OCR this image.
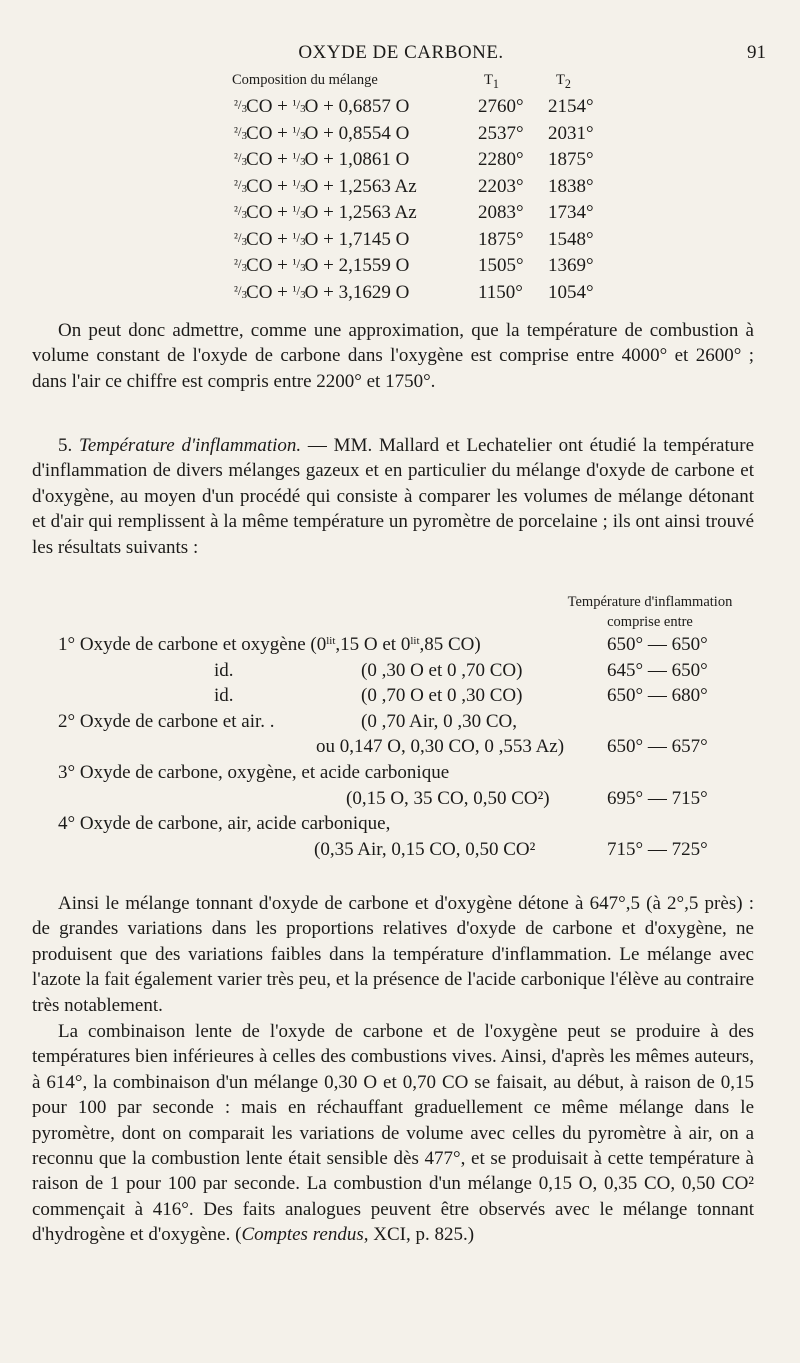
OXYDE DE CARBONE.	91
Composition du mélange	$T_1$	$T_2$
$^2/_3CO + ^1/_3O + 0,6857$ O	2760° 2154°
$^2/_3CO + ^1/_3O + 0,8554$ O	2537° 2031°
$^2/_3CO + ^1/_3O + 1,0861$ O	2280° 1875°
$^2/_3CO + ^1/_3O + 1,2563$ Az	2203° 1838°
$^2/_3CO + ^1/_3O + 1,2563$ Az	2083° 1734°
$^2/_3CO + ^1/_3O + 1,7145$ O	1875° 1548°
$^2/_3CO + ^1/_3O + 2,1559$ O	1505° 1369°
$^2/_3CO + ^1/_3O + 3,1629$ O	1150° 1054°

On peut donc admettre, comme une approximation, que la température de combustion à volume constant de l'oxyde de carbone dans l'oxygène est comprise entre 4000° et 2600° ; dans l'air ce chiffre est compris entre 2200° et 1750°.

5. Température d'inflammation. — MM. Mallard et Lechatelier ont étudié la température d'inflammation de divers mélanges gazeux et en particulier du mélange d'oxyde de carbone et d'oxygène, au moyen d'un procédé qui consiste à comparer les volumes de mélange détonant et d'air qui remplissent à la même température un pyromètre de porcelaine ; ils ont ainsi trouvé les résultats suivants :

Température d'inflammation
comprise entre
1° Oxyde de carbone et oxygène ($0^{lit},15$ O et $0^{lit},85$ CO)	650° — 650°
id.	(0 ,30 O et 0 ,70 CO)	645° — 650°
id.	(0 ,70 O et 0 ,30 CO)	650° — 680°
2° Oxyde de carbone et air. .	(0 ,70 Air, 0 ,30 CO,
ou 0,147 O, 0,30 CO, 0 ,553 Az) 650° — 657°
3° Oxyde de carbone, oxygène, et acide carbonique
(0,15 O, 35 CO, 0,50 CO²)	695° — 715°
4° Oxyde de carbone, air, acide carbonique,
(0,35 Air, 0,15 CO, 0,50 CO²	715° — 725°

Ainsi le mélange tonnant d'oxyde de carbone et d'oxygène détone à 647°,5 (à 2°,5 près) : de grandes variations dans les proportions relatives d'oxyde de carbone et d'oxygène, ne produisent que des variations faibles dans la température d'inflammation. Le mélange avec l'azote la fait également varier très peu, et la présence de l'acide carbonique l'élève au contraire très notablement.

La combinaison lente de l'oxyde de carbone et de l'oxygène peut se produire à des températures bien inférieures à celles des combustions vives. Ainsi, d'après les mêmes auteurs, à 614°, la combinaison d'un mélange 0,30 O et 0,70 CO se faisait, au début, à raison de 0,15 pour 100 par seconde : mais en réchauffant graduellement ce même mélange dans le pyromètre, dont on comparait les variations de volume avec celles du pyromètre à air, on a reconnu que la combustion lente était sensible dès 477°, et se produisait à cette température à raison de 1 pour 100 par seconde. La combustion d'un mélange 0,15 O, 0,35 CO, 0,50 CO² commençait à 416°. Des faits analogues peuvent être observés avec le mélange tonnant d'hydrogène et d'oxygène. (Comptes rendus, XCI, p. 825.)
